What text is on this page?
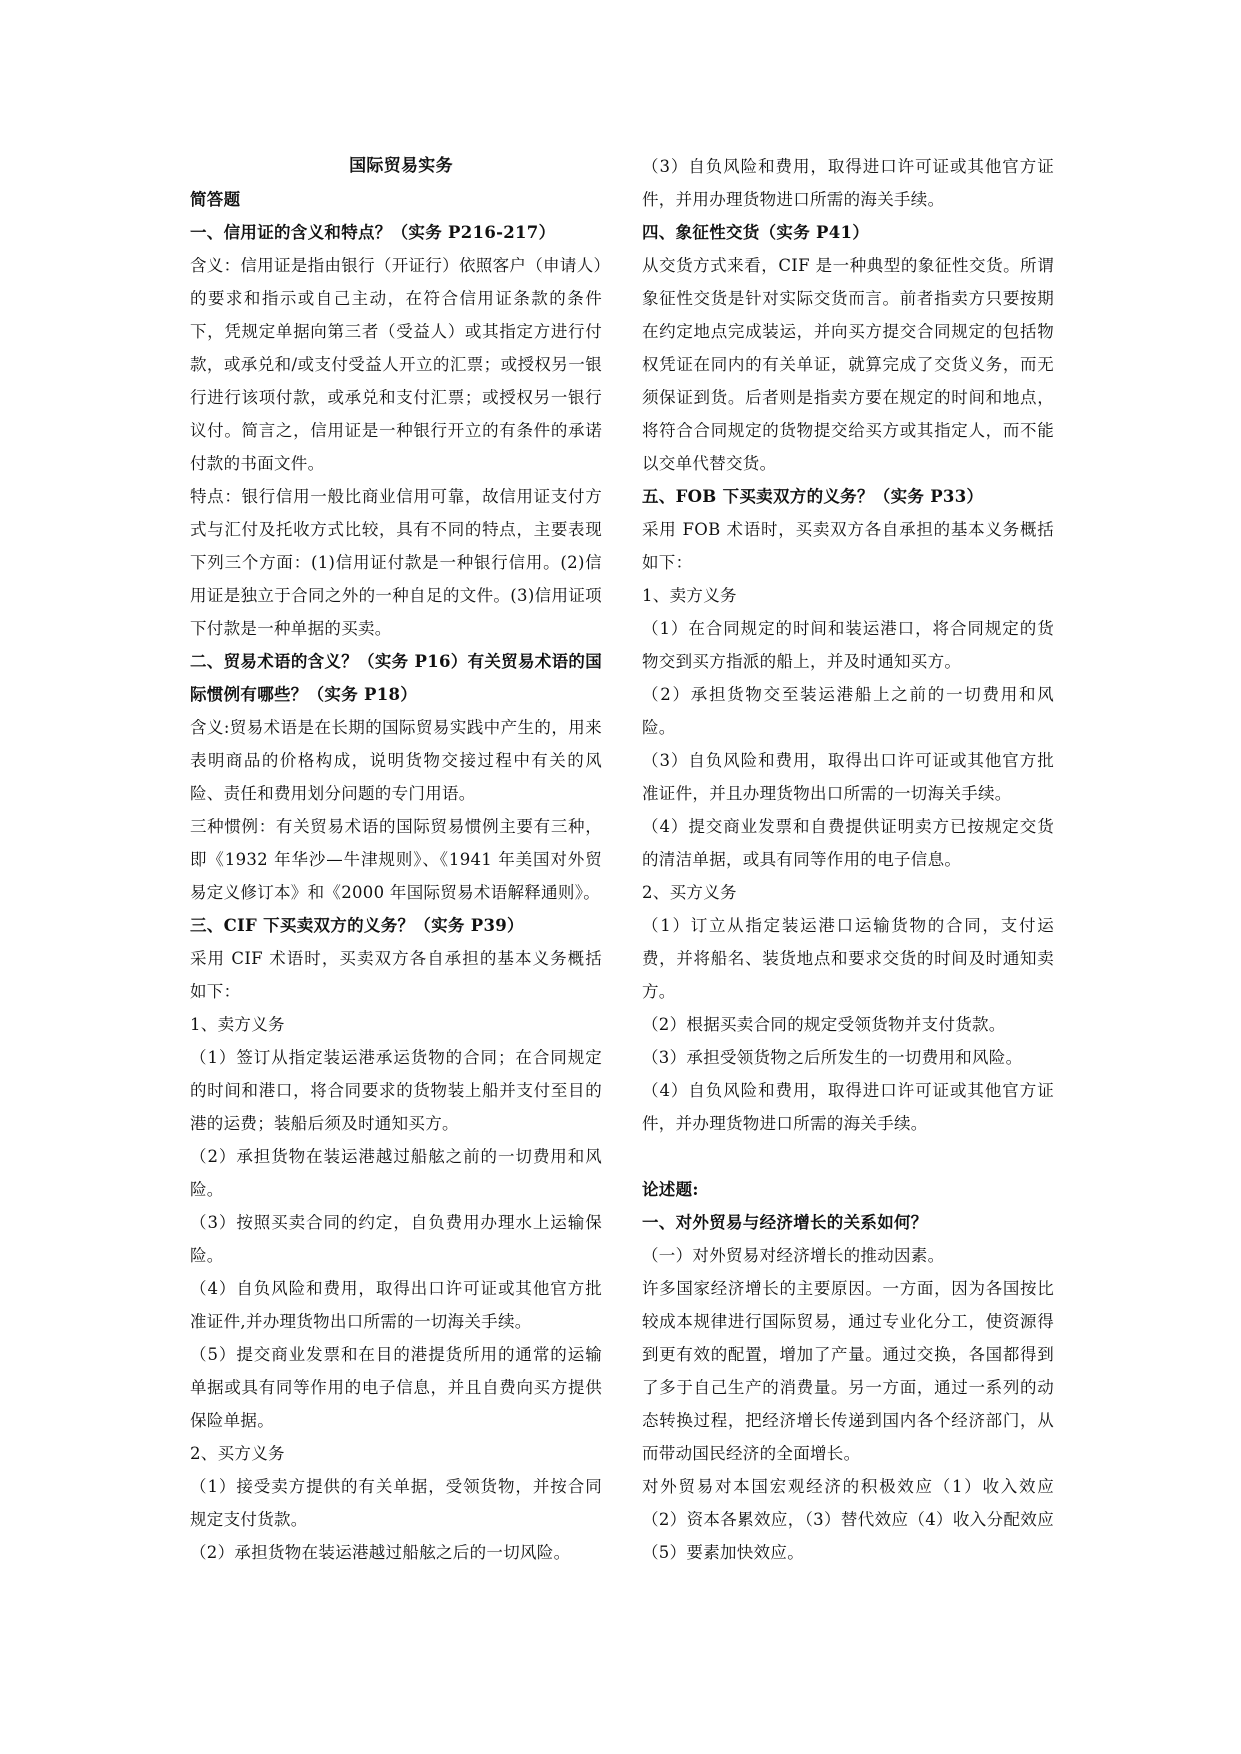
国际贸易实务

简答题

一、信用证的含义和特点？（实务 P216-217）

含义：信用证是指由银行（开证行）依照客户（申请人）的要求和指示或自己主动，在符合信用证条款的条件下，凭规定单据向第三者（受益人）或其指定方进行付款，或承兑和/或支付受益人开立的汇票；或授权另一银行进行该项付款，或承兑和支付汇票；或授权另一银行议付。简言之，信用证是一种银行开立的有条件的承诺付款的书面文件。

特点：银行信用一般比商业信用可靠，故信用证支付方式与汇付及托收方式比较，具有不同的特点，主要表现下列三个方面：(1)信用证付款是一种银行信用。(2)信用证是独立于合同之外的一种自足的文件。(3)信用证项下付款是一种单据的买卖。

二、贸易术语的含义？（实务 P16）有关贸易术语的国际惯例有哪些？（实务 P18）

含义:贸易术语是在长期的国际贸易实践中产生的，用来表明商品的价格构成，说明货物交接过程中有关的风险、责任和费用划分问题的专门用语。

三种惯例：有关贸易术语的国际贸易惯例主要有三种，即《1932 年华沙—牛津规则》、《1941 年美国对外贸易定义修订本》和《2000 年国际贸易术语解释通则》。

三、CIF 下买卖双方的义务？（实务 P39）

采用 CIF 术语时，买卖双方各自承担的基本义务概括如下：

1、卖方义务

（1）签订从指定装运港承运货物的合同；在合同规定的时间和港口，将合同要求的货物装上船并支付至目的港的运费；装船后须及时通知买方。

（2）承担货物在装运港越过船舷之前的一切费用和风险。

（3）按照买卖合同的约定，自负费用办理水上运输保险。

（4）自负风险和费用，取得出口许可证或其他官方批准证件,并办理货物出口所需的一切海关手续。

（5）提交商业发票和在目的港提货所用的通常的运输单据或具有同等作用的电子信息，并且自费向买方提供保险单据。

2、买方义务

（1）接受卖方提供的有关单据，受领货物，并按合同规定支付货款。

（2）承担货物在装运港越过船舷之后的一切风险。

（3）自负风险和费用，取得进口许可证或其他官方证件，并用办理货物进口所需的海关手续。

四、象征性交货（实务 P41）

从交货方式来看，CIF 是一种典型的象征性交货。所谓象征性交货是针对实际交货而言。前者指卖方只要按期在约定地点完成装运，并向买方提交合同规定的包括物权凭证在同内的有关单证，就算完成了交货义务，而无须保证到货。后者则是指卖方要在规定的时间和地点，将符合合同规定的货物提交给买方或其指定人，而不能以交单代替交货。

五、FOB 下买卖双方的义务？（实务 P33）

采用 FOB 术语时，买卖双方各自承担的基本义务概括如下：

1、卖方义务

（1）在合同规定的时间和装运港口，将合同规定的货物交到买方指派的船上，并及时通知买方。

（2）承担货物交至装运港船上之前的一切费用和风险。

（3）自负风险和费用，取得出口许可证或其他官方批准证件，并且办理货物出口所需的一切海关手续。

（4）提交商业发票和自费提供证明卖方已按规定交货的清洁单据，或具有同等作用的电子信息。

2、买方义务

（1）订立从指定装运港口运输货物的合同，支付运费，并将船名、装货地点和要求交货的时间及时通知卖方。

（2）根据买卖合同的规定受领货物并支付货款。

（3）承担受领货物之后所发生的一切费用和风险。

（4）自负风险和费用，取得进口许可证或其他官方证件，并办理货物进口所需的海关手续。

论述题:

一、对外贸易与经济增长的关系如何？

（一）对外贸易对经济增长的推动因素。

许多国家经济增长的主要原因。一方面，因为各国按比较成本规律进行国际贸易，通过专业化分工，使资源得到更有效的配置，增加了产量。通过交换，各国都得到了多于自己生产的消费量。另一方面，通过一系列的动态转换过程，把经济增长传递到国内各个经济部门，从而带动国民经济的全面增长。

对外贸易对本国宏观经济的积极效应（1）收入效应（2）资本各累效应，（3）替代效应（4）收入分配效应（5）要素加快效应。
